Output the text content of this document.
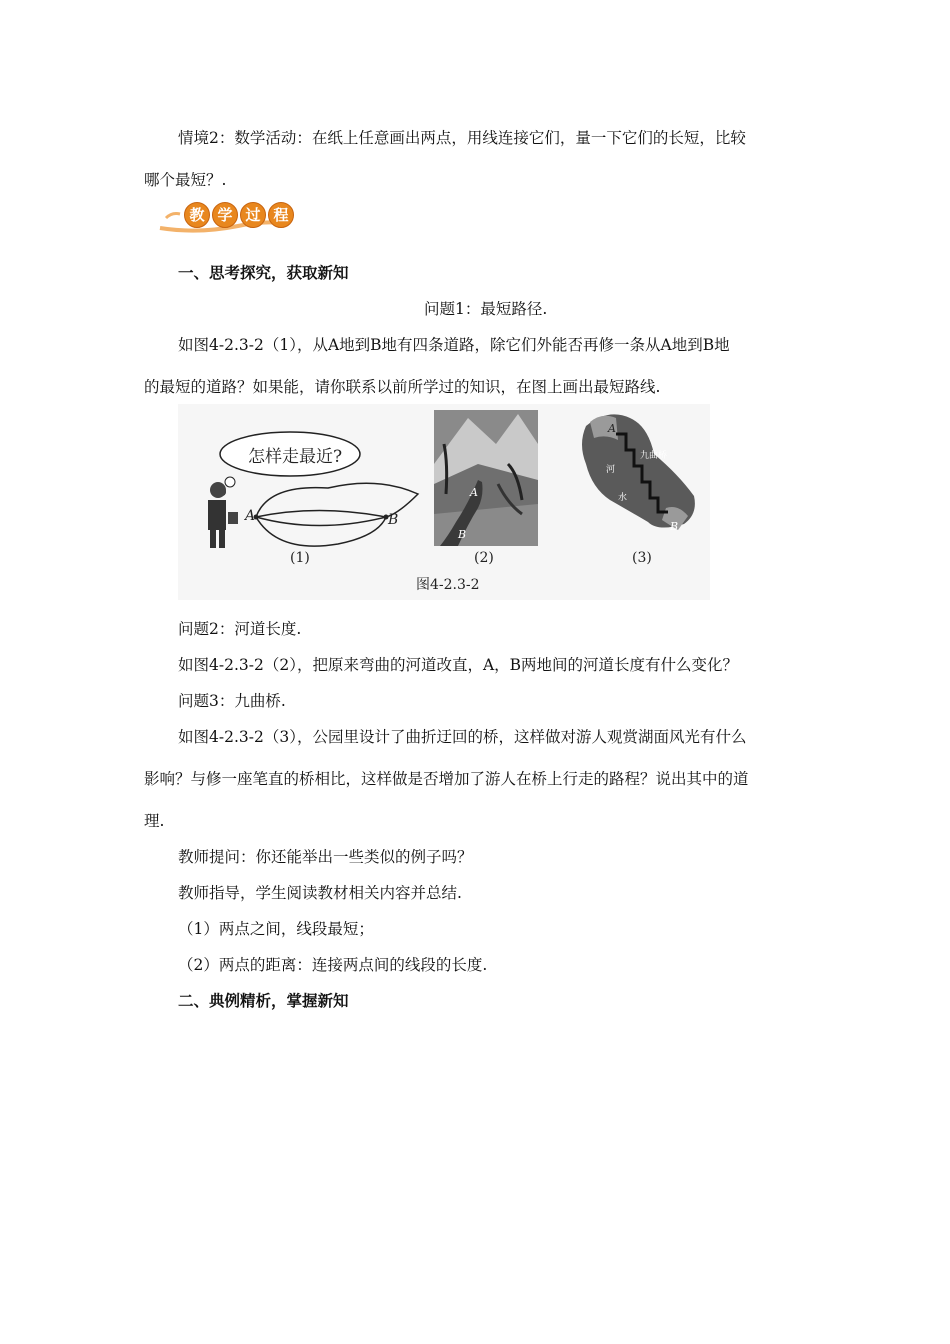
情境2：数学活动：在纸上任意画出两点，用线连接它们，量一下它们的长短，比较
哪个最短？.
教 学 过 程
一、思考探究，获取新知
问题1：最短路径.
如图4-2.3-2（1），从A地到B地有四条道路，除它们外能否再修一条从A地到B地
的最短的道路？如果能，请你联系以前所学过的知识，在图上画出最短路线.
怎样走最近?
A	B
A
B
A
B
九曲桥
河
水
(1)	(2)	(3)
图4-2.3-2
问题2：河道长度.
如图4-2.3-2（2），把原来弯曲的河道改直，A，B两地间的河道长度有什么变化？
问题3：九曲桥.
如图4-2.3-2（3），公园里设计了曲折迂回的桥，这样做对游人观赏湖面风光有什么
影响？与修一座笔直的桥相比，这样做是否增加了游人在桥上行走的路程？说出其中的道
理.
教师提问：你还能举出一些类似的例子吗？
教师指导，学生阅读教材相关内容并总结.
（1）两点之间，线段最短；
（2）两点的距离：连接两点间的线段的长度.
二、典例精析，掌握新知
